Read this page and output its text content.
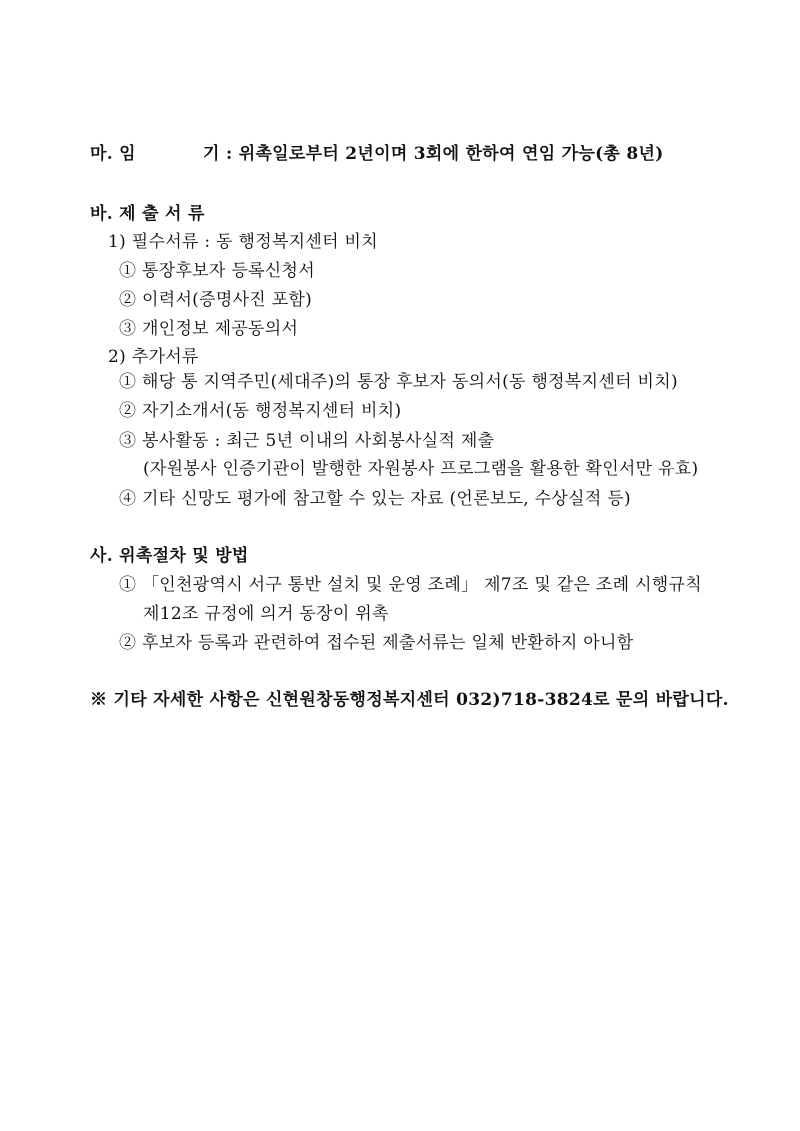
마. 임	기 : 위촉일로부터 2년이며 3회에 한하여 연임 가능(총 8년)
바. 제 출 서 류
1) 필수서류 : 동 행정복지센터 비치
① 통장후보자 등록신청서
② 이력서(증명사진 포함)
③ 개인정보 제공동의서
2) 추가서류
① 해당 통 지역주민(세대주)의 통장 후보자 동의서(동 행정복지센터 비치)
② 자기소개서(동 행정복지센터 비치)
③ 봉사활동 : 최근 5년 이내의 사회봉사실적 제출
(자원봉사 인증기관이 발행한 자원봉사 프로그램을 활용한 확인서만 유효)
④ 기타 신망도 평가에 참고할 수 있는 자료 (언론보도, 수상실적 등)
사. 위촉절차 및 방법
① 「인천광역시 서구 통반 설치 및 운영 조례」 제7조 및 같은 조례 시행규칙
제12조 규정에 의거 동장이 위촉
② 후보자 등록과 관련하여 접수된 제출서류는 일체 반환하지 아니함
※ 기타 자세한 사항은 신현원창동행정복지센터 032)718-3824로 문의 바랍니다.
